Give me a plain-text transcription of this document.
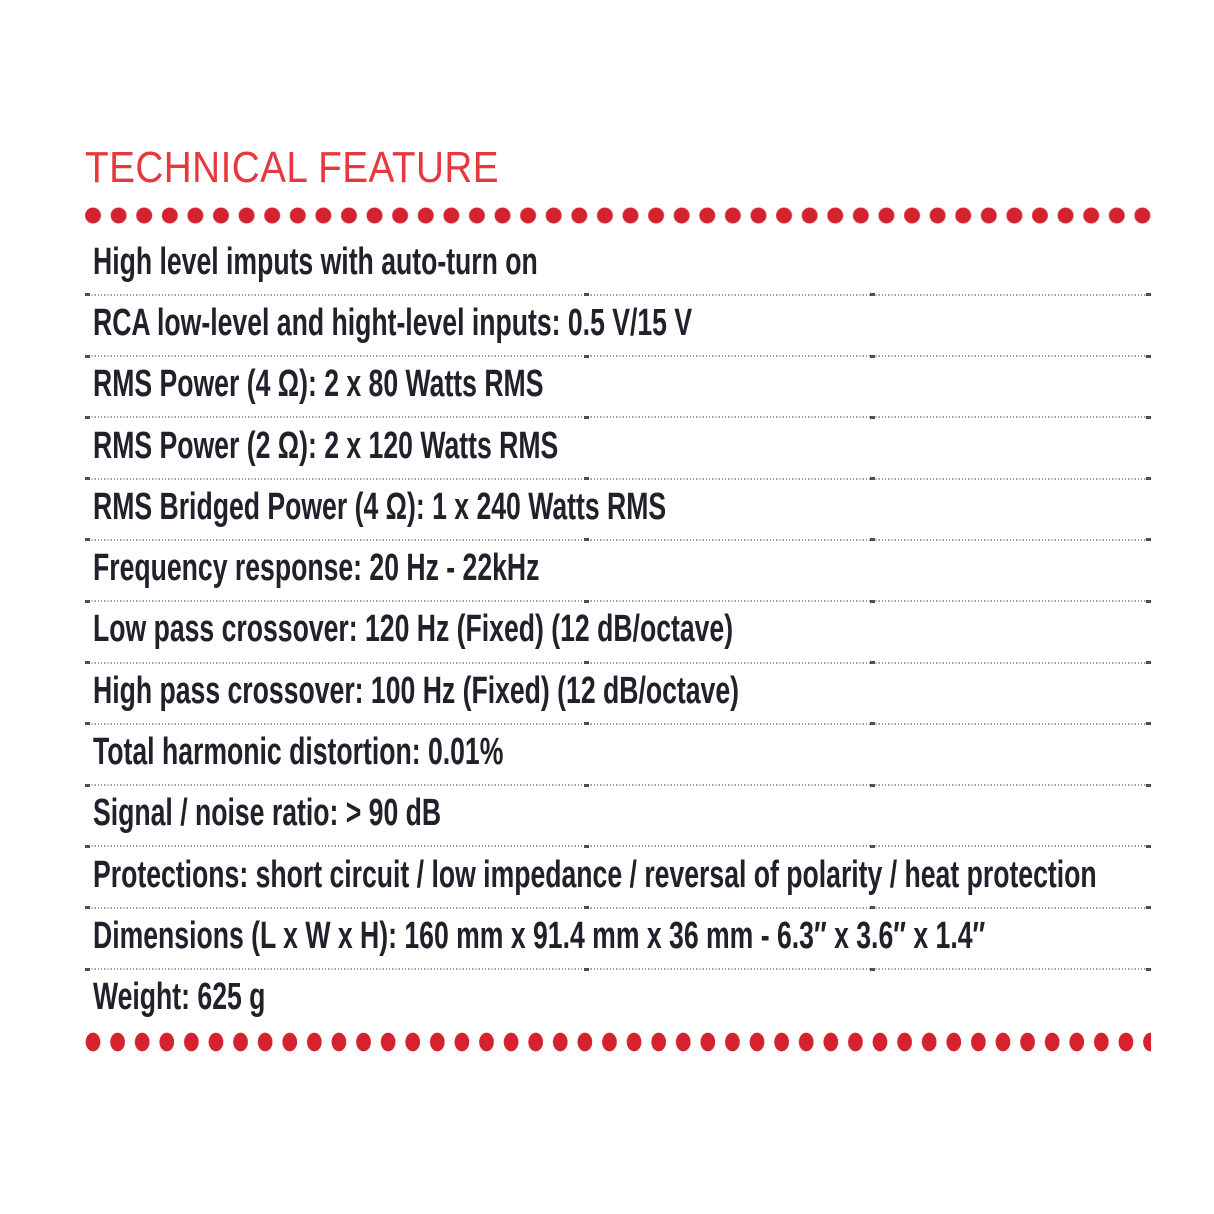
TECHNICAL FEATURE
High level imputs with auto-turn on
RCA low-level and hight-level inputs: 0.5 V/15 V
RMS Power (4 Ω): 2 x 80 Watts RMS
RMS Power (2 Ω): 2 x 120 Watts RMS
RMS Bridged Power (4 Ω): 1 x 240 Watts RMS
Frequency response: 20 Hz - 22kHz
Low pass crossover: 120 Hz (Fixed) (12 dB/octave)
High pass crossover: 100 Hz (Fixed) (12 dB/octave)
Total harmonic distortion: 0.01%
Signal / noise ratio: > 90 dB
Protections: short circuit / low impedance / reversal of polarity / heat protection
Dimensions (L x W x H): 160 mm x 91.4 mm x 36 mm - 6.3″ x 3.6″ x 1.4″
Weight: 625 g
